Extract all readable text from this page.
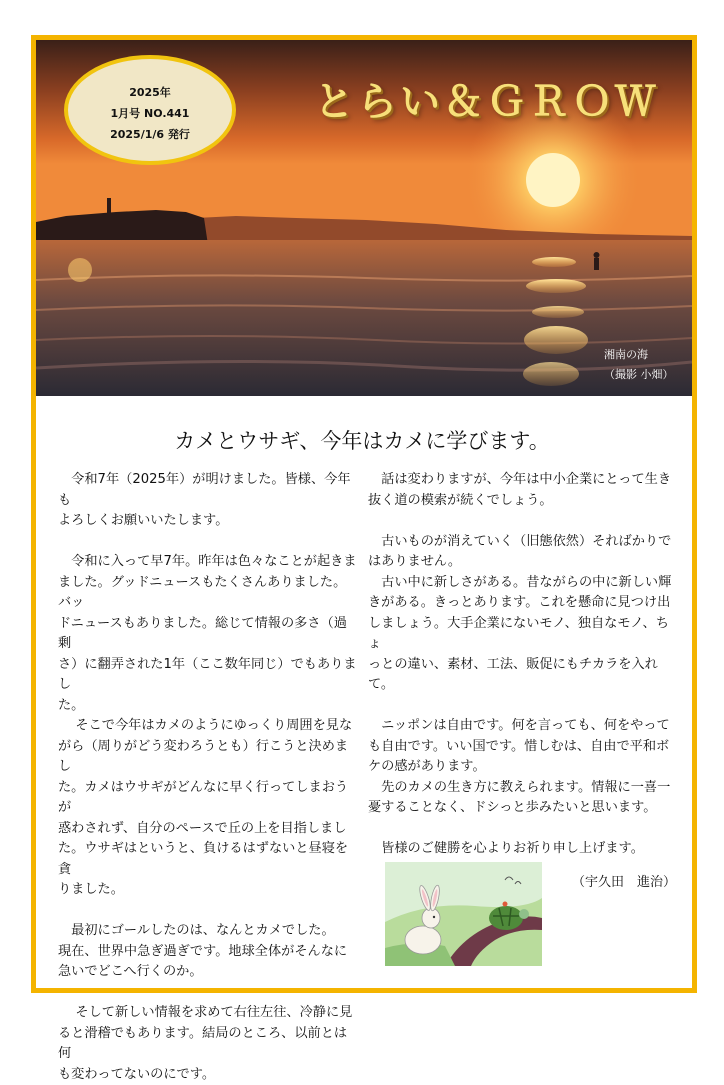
2025年
1月号 NO.441
2025/1/6 発行
とらい＆ＧＲＯＷ
湘南の海
（撮影 小畑）
カメとウサギ、今年はカメに学びます。

　令和7年（2025年）が明けました。皆様、今年も

よろしくお願いいたします。

　令和に入って早7年。昨年は色々なことが起きま

ました。グッドニュースもたくさんありました。バッ

ドニュースもありました。総じて情報の多さ（過剰

さ）に翻弄された1年（ここ数年同じ）でもありまし

た。

　 そこで今年はカメのようにゆっくり周囲を見な

がら（周りがどう変わろうとも）行こうと決めまし

た。カメはウサギがどんなに早く行ってしまおうが

惑わされず、自分のペースで丘の上を目指しまし

た。ウサギはというと、負けるはずないと昼寝を貪

りました。

　最初にゴールしたのは、なんとカメでした。

現在、世界中急ぎ過ぎです。地球全体がそんなに

急いでどこへ行くのか。

　 そして新しい情報を求めて右往左往、冷静に見

ると滑稽でもあります。結局のところ、以前とは何

も変わってないのにです。

　話は変わりますが、今年は中小企業にとって生き

抜く道の模索が続くでしょう。

　古いものが消えていく（旧態依然）そればかりで

はありません。

　古い中に新しさがある。昔ながらの中に新しい輝

きがある。きっとあります。これを懸命に見つけ出

しましょう。大手企業にないモノ、独自なモノ、ちょ

っとの違い、素材、工法、販促にもチカラを入れて。

　ニッポンは自由です。何を言っても、何をやって

も自由です。いい国です。惜しむは、自由で平和ボ

ケの感があります。

　先のカメの生き方に教えられます。情報に一喜一

憂することなく、ドシっと歩みたいと思います。

　皆様のご健勝を心よりお祈り申し上げます。

（宇久田　進治）
